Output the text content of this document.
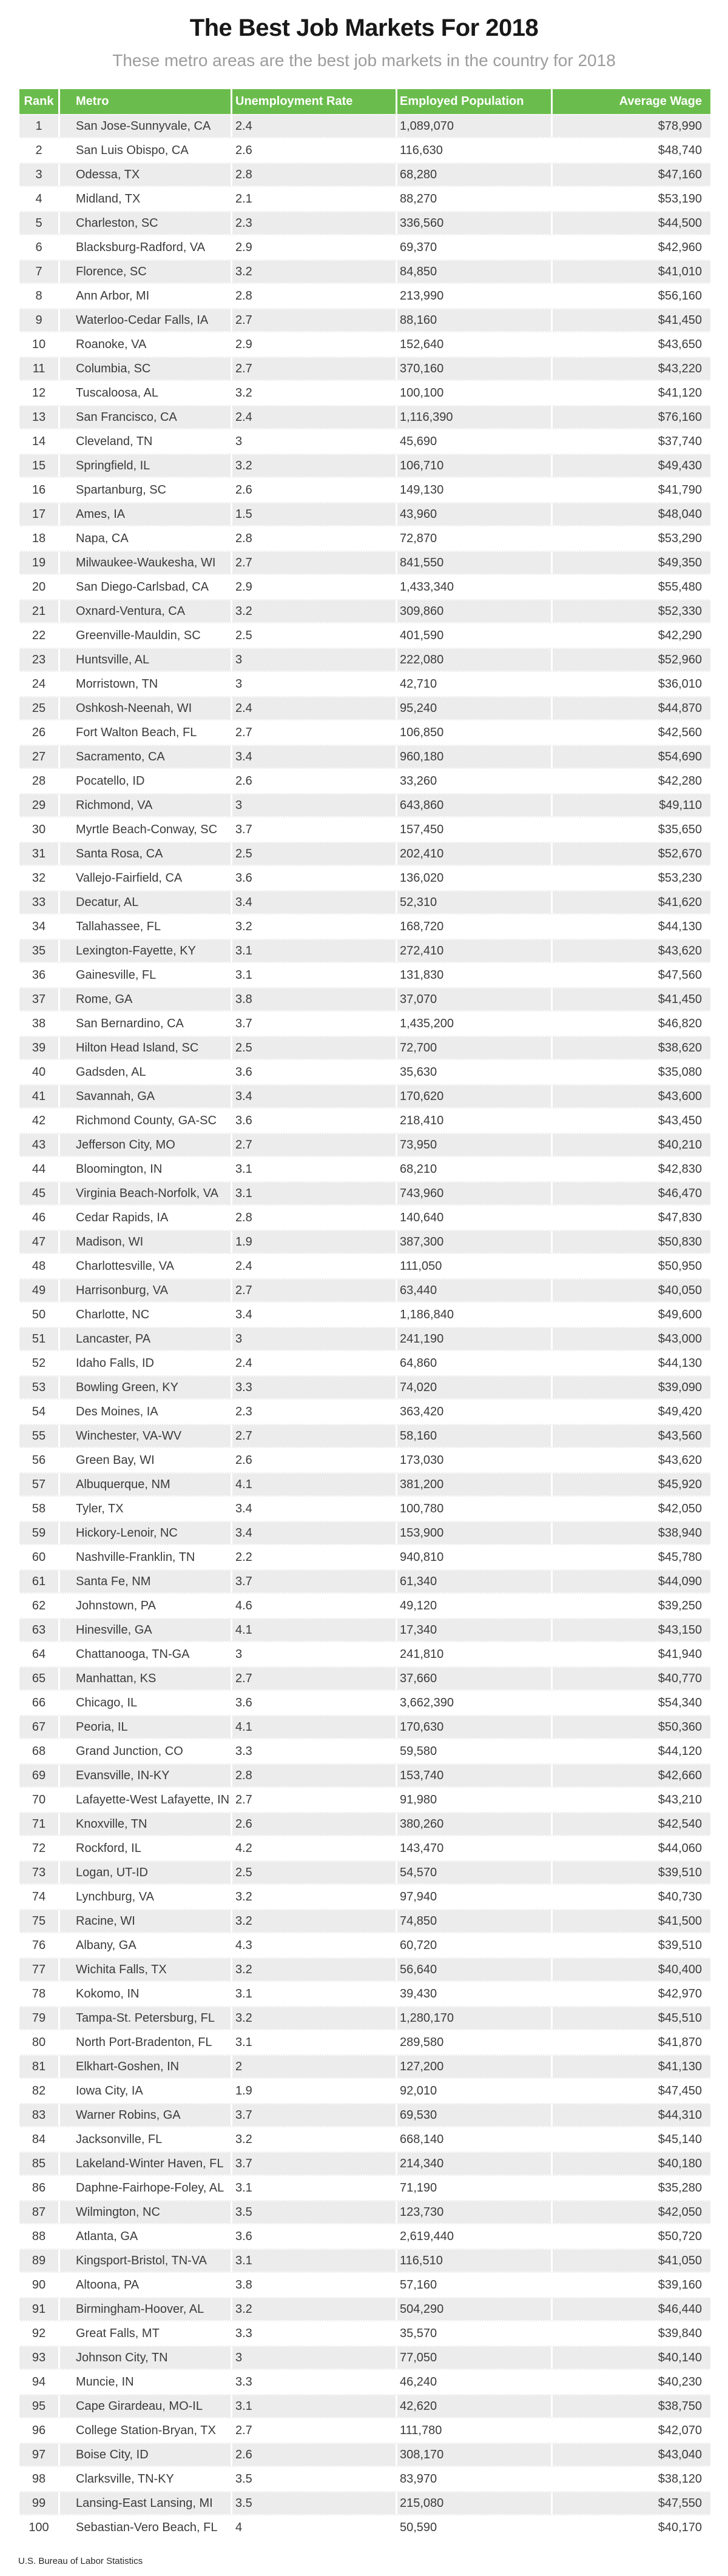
The Best Job Markets For 2018
These metro areas are the best job markets in the country for 2018
Rank	Metro	Unemployment Rate	Employed Population	Average Wage
1	San Jose-Sunnyvale, CA	2.4	1,089,070	$78,990
2	San Luis Obispo, CA	2.6	116,630	$48,740
3	Odessa, TX	2.8	68,280	$47,160
4	Midland, TX	2.1	88,270	$53,190
5	Charleston, SC	2.3	336,560	$44,500
6	Blacksburg-Radford, VA	2.9	69,370	$42,960
7	Florence, SC	3.2	84,850	$41,010
8	Ann Arbor, MI	2.8	213,990	$56,160
9	Waterloo-Cedar Falls, IA	2.7	88,160	$41,450
10	Roanoke, VA	2.9	152,640	$43,650
11	Columbia, SC	2.7	370,160	$43,220
12	Tuscaloosa, AL	3.2	100,100	$41,120
13	San Francisco, CA	2.4	1,116,390	$76,160
14	Cleveland, TN	3	45,690	$37,740
15	Springfield, IL	3.2	106,710	$49,430
16	Spartanburg, SC	2.6	149,130	$41,790
17	Ames, IA	1.5	43,960	$48,040
18	Napa, CA	2.8	72,870	$53,290
19	Milwaukee-Waukesha, WI	2.7	841,550	$49,350
20	San Diego-Carlsbad, CA	2.9	1,433,340	$55,480
21	Oxnard-Ventura, CA	3.2	309,860	$52,330
22	Greenville-Mauldin, SC	2.5	401,590	$42,290
23	Huntsville, AL	3	222,080	$52,960
24	Morristown, TN	3	42,710	$36,010
25	Oshkosh-Neenah, WI	2.4	95,240	$44,870
26	Fort Walton Beach, FL	2.7	106,850	$42,560
27	Sacramento, CA	3.4	960,180	$54,690
28	Pocatello, ID	2.6	33,260	$42,280
29	Richmond, VA	3	643,860	$49,110
30	Myrtle Beach-Conway, SC	3.7	157,450	$35,650
31	Santa Rosa, CA	2.5	202,410	$52,670
32	Vallejo-Fairfield, CA	3.6	136,020	$53,230
33	Decatur, AL	3.4	52,310	$41,620
34	Tallahassee, FL	3.2	168,720	$44,130
35	Lexington-Fayette, KY	3.1	272,410	$43,620
36	Gainesville, FL	3.1	131,830	$47,560
37	Rome, GA	3.8	37,070	$41,450
38	San Bernardino, CA	3.7	1,435,200	$46,820
39	Hilton Head Island, SC	2.5	72,700	$38,620
40	Gadsden, AL	3.6	35,630	$35,080
41	Savannah, GA	3.4	170,620	$43,600
42	Richmond County, GA-SC	3.6	218,410	$43,450
43	Jefferson City, MO	2.7	73,950	$40,210
44	Bloomington, IN	3.1	68,210	$42,830
45	Virginia Beach-Norfolk, VA	3.1	743,960	$46,470
46	Cedar Rapids, IA	2.8	140,640	$47,830
47	Madison, WI	1.9	387,300	$50,830
48	Charlottesville, VA	2.4	111,050	$50,950
49	Harrisonburg, VA	2.7	63,440	$40,050
50	Charlotte, NC	3.4	1,186,840	$49,600
51	Lancaster, PA	3	241,190	$43,000
52	Idaho Falls, ID	2.4	64,860	$44,130
53	Bowling Green, KY	3.3	74,020	$39,090
54	Des Moines, IA	2.3	363,420	$49,420
55	Winchester, VA-WV	2.7	58,160	$43,560
56	Green Bay, WI	2.6	173,030	$43,620
57	Albuquerque, NM	4.1	381,200	$45,920
58	Tyler, TX	3.4	100,780	$42,050
59	Hickory-Lenoir, NC	3.4	153,900	$38,940
60	Nashville-Franklin, TN	2.2	940,810	$45,780
61	Santa Fe, NM	3.7	61,340	$44,090
62	Johnstown, PA	4.6	49,120	$39,250
63	Hinesville, GA	4.1	17,340	$43,150
64	Chattanooga, TN-GA	3	241,810	$41,940
65	Manhattan, KS	2.7	37,660	$40,770
66	Chicago, IL	3.6	3,662,390	$54,340
67	Peoria, IL	4.1	170,630	$50,360
68	Grand Junction, CO	3.3	59,580	$44,120
69	Evansville, IN-KY	2.8	153,740	$42,660
70	Lafayette-West Lafayette, IN 2.7	91,980	$43,210
71	Knoxville, TN	2.6	380,260	$42,540
72	Rockford, IL	4.2	143,470	$44,060
73	Logan, UT-ID	2.5	54,570	$39,510
74	Lynchburg, VA	3.2	97,940	$40,730
75	Racine, WI	3.2	74,850	$41,500
76	Albany, GA	4.3	60,720	$39,510
77	Wichita Falls, TX	3.2	56,640	$40,400
78	Kokomo, IN	3.1	39,430	$42,970
79	Tampa-St. Petersburg, FL	3.2	1,280,170	$45,510
80	North Port-Bradenton, FL	3.1	289,580	$41,870
81	Elkhart-Goshen, IN	2	127,200	$41,130
82	Iowa City, IA	1.9	92,010	$47,450
83	Warner Robins, GA	3.7	69,530	$44,310
84	Jacksonville, FL	3.2	668,140	$45,140
85	Lakeland-Winter Haven, FL 3.7	214,340	$40,180
86	Daphne-Fairhope-Foley, AL 3.1	71,190	$35,280
87	Wilmington, NC	3.5	123,730	$42,050
88	Atlanta, GA	3.6	2,619,440	$50,720
89	Kingsport-Bristol, TN-VA	3.1	116,510	$41,050
90	Altoona, PA	3.8	57,160	$39,160
91	Birmingham-Hoover, AL	3.2	504,290	$46,440
92	Great Falls, MT	3.3	35,570	$39,840
93	Johnson City, TN	3	77,050	$40,140
94	Muncie, IN	3.3	46,240	$40,230
95	Cape Girardeau, MO-IL	3.1	42,620	$38,750
96	College Station-Bryan, TX	2.7	111,780	$42,070
97	Boise City, ID	2.6	308,170	$43,040
98	Clarksville, TN-KY	3.5	83,970	$38,120
99	Lansing-East Lansing, MI	3.5	215,080	$47,550
100	Sebastian-Vero Beach, FL	4	50,590	$40,170
U.S. Bureau of Labor Statistics
